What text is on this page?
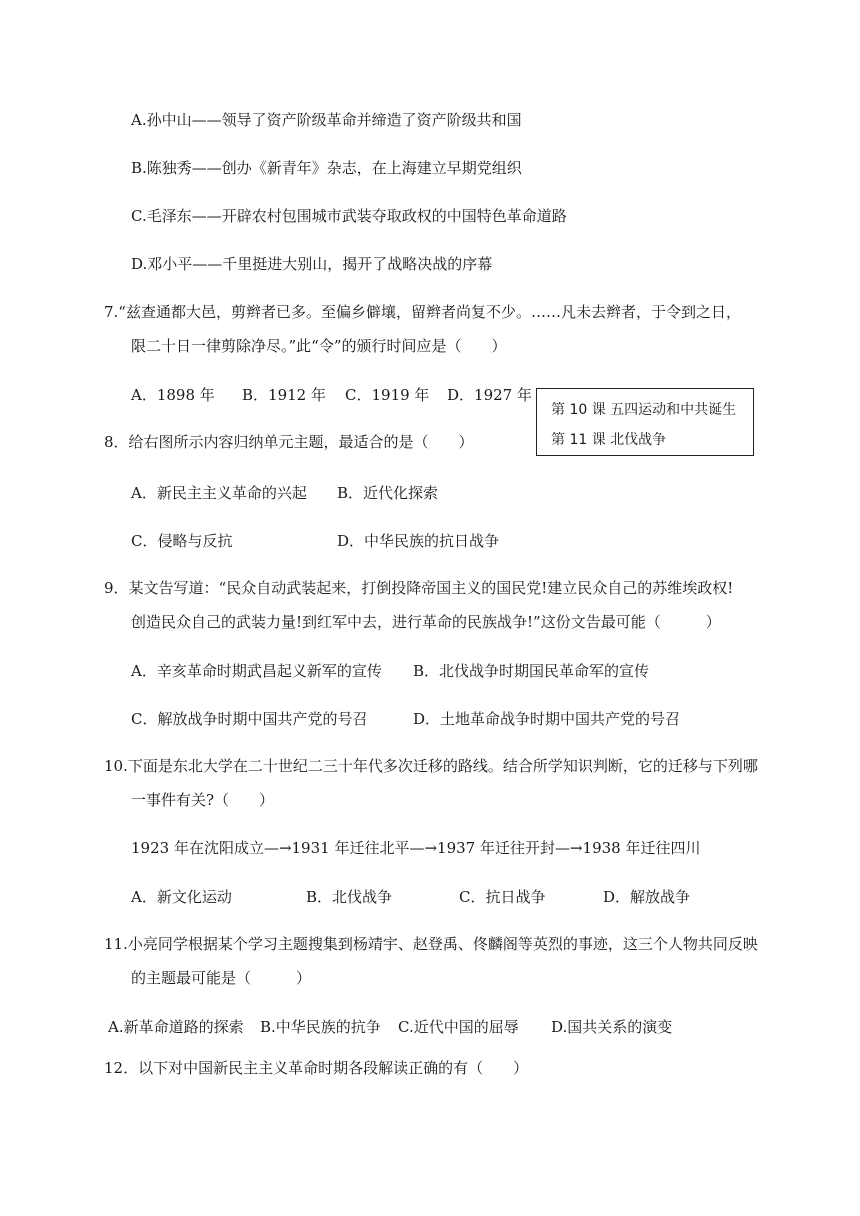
A.孙中山——领导了资产阶级革命并缔造了资产阶级共和国
B.陈独秀——创办《新青年》杂志，在上海建立早期党组织
C.毛泽东——开辟农村包围城市武装夺取政权的中国特色革命道路
D.邓小平——千里挺进大别山，揭开了战略决战的序幕
7.“兹查通都大邑，剪辫者已多。至偏乡僻壤，留辫者尚复不少。……凡未去辫者，于令到之日，
限二十日一律剪除净尽。”此“令”的颁行时间应是（　　）
A．1898 年 B．1912 年 C．1919 年 D．1927 年
第 10 课 五四运动和中共诞生
第 11 课 北伐战争
8．给右图所示内容归纳单元主题，最适合的是（　　）
A．新民主主义革命的兴起 B．近代化探索
C．侵略与反抗	D．中华民族的抗日战争
9．某文告写道：“民众自动武装起来，打倒投降帝国主义的国民党!建立民众自己的苏维埃政权!
创造民众自己的武装力量!到红军中去，进行革命的民族战争!”这份文告最可能（　　　）
A．辛亥革命时期武昌起义新军的宣传 B．北伐战争时期国民革命军的宣传
C．解放战争时期中国共产党的号召	D．土地革命战争时期中国共产党的号召
10.下面是东北大学在二十世纪二三十年代多次迁移的路线。结合所学知识判断，它的迁移与下列哪
一事件有关?（　　）
1923 年在沈阳成立—→1931 年迁往北平—→1937 年迁往开封—→1938 年迁往四川
A．新文化运动	B．北伐战争	C．抗日战争	D．解放战争
11.小亮同学根据某个学习主题搜集到杨靖宇、赵登禹、佟麟阁等英烈的事迹，这三个人物共同反映
的主题最可能是（　　　）
A.新革命道路的探索 B.中华民族的抗争 C.近代中国的屈辱 D.国共关系的演变
12．以下对中国新民主主义革命时期各段解读正确的有（　　）
